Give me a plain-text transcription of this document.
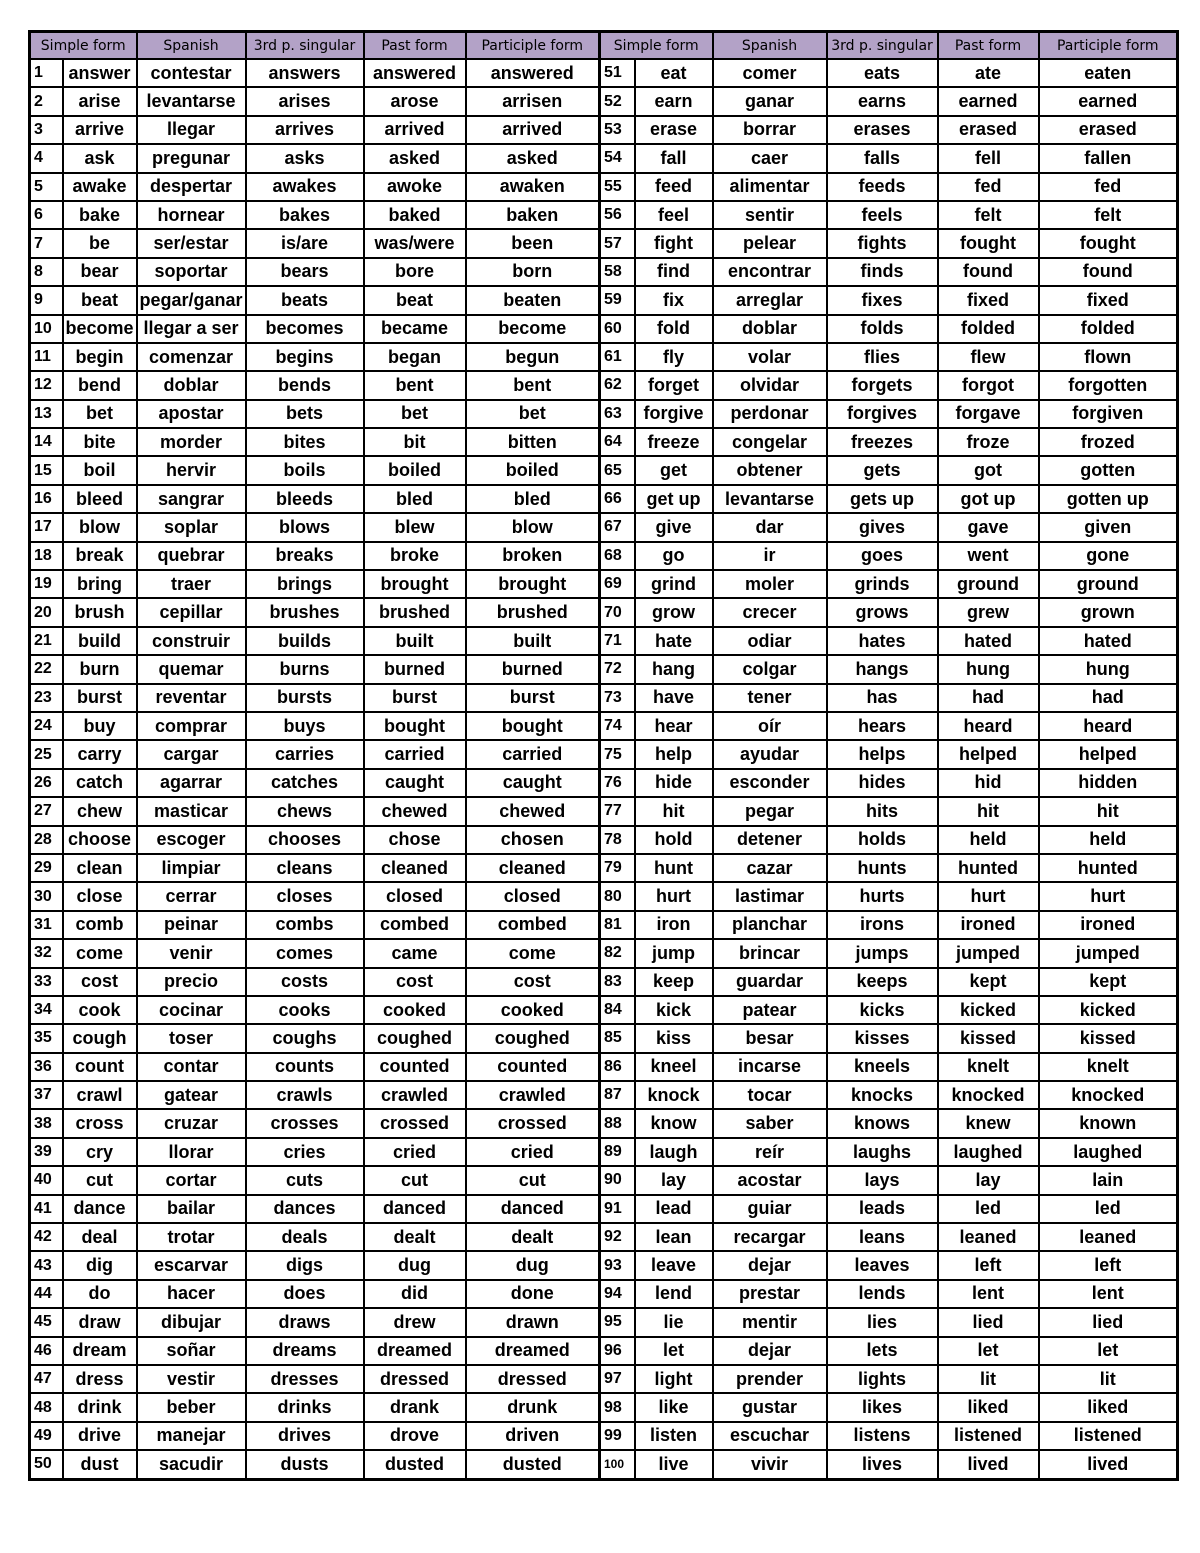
Simple form		Spanish	3rd p. singular	Past form	Participle form	Simple form		Spanish	3rd p. singular	Past form	Participle form
1	answer	contestar	answers	answered	answered	51	eat	comer	eats	ate	eaten
2	arise	levantarse	arises	arose	arrisen	52	earn	ganar	earns	earned	earned
3	arrive	llegar	arrives	arrived	arrived	53	erase	borrar	erases	erased	erased
4	ask	pregunar	asks	asked	asked	54	fall	caer	falls	fell	fallen
5	awake	despertar	awakes	awoke	awaken	55	feed	alimentar	feeds	fed	fed
6	bake	hornear	bakes	baked	baken	56	feel	sentir	feels	felt	felt
7	be	ser/estar	is/are	was/were	been	57	fight	pelear	fights	fought	fought
8	bear	soportar	bears	bore	born	58	find	encontrar	finds	found	found
9	beat	pegar/ganar	beats	beat	beaten	59	fix	arreglar	fixes	fixed	fixed
10	become	llegar a ser	becomes	became	become	60	fold	doblar	folds	folded	folded
11	begin	comenzar	begins	began	begun	61	fly	volar	flies	flew	flown
12	bend	doblar	bends	bent	bent	62	forget	olvidar	forgets	forgot	forgotten
13	bet	apostar	bets	bet	bet	63	forgive	perdonar	forgives	forgave	forgiven
14	bite	morder	bites	bit	bitten	64	freeze	congelar	freezes	froze	frozed
15	boil	hervir	boils	boiled	boiled	65	get	obtener	gets	got	gotten
16	bleed	sangrar	bleeds	bled	bled	66	get up	levantarse	gets up	got up	gotten up
17	blow	soplar	blows	blew	blow	67	give	dar	gives	gave	given
18	break	quebrar	breaks	broke	broken	68	go	ir	goes	went	gone
19	bring	traer	brings	brought	brought	69	grind	moler	grinds	ground	ground
20	brush	cepillar	brushes	brushed	brushed	70	grow	crecer	grows	grew	grown
21	build	construir	builds	built	built	71	hate	odiar	hates	hated	hated
22	burn	quemar	burns	burned	burned	72	hang	colgar	hangs	hung	hung
23	burst	reventar	bursts	burst	burst	73	have	tener	has	had	had
24	buy	comprar	buys	bought	bought	74	hear	oír	hears	heard	heard
25	carry	cargar	carries	carried	carried	75	help	ayudar	helps	helped	helped
26	catch	agarrar	catches	caught	caught	76	hide	esconder	hides	hid	hidden
27	chew	masticar	chews	chewed	chewed	77	hit	pegar	hits	hit	hit
28	choose	escoger	chooses	chose	chosen	78	hold	detener	holds	held	held
29	clean	limpiar	cleans	cleaned	cleaned	79	hunt	cazar	hunts	hunted	hunted
30	close	cerrar	closes	closed	closed	80	hurt	lastimar	hurts	hurt	hurt
31	comb	peinar	combs	combed	combed	81	iron	planchar	irons	ironed	ironed
32	come	venir	comes	came	come	82	jump	brincar	jumps	jumped	jumped
33	cost	precio	costs	cost	cost	83	keep	guardar	keeps	kept	kept
34	cook	cocinar	cooks	cooked	cooked	84	kick	patear	kicks	kicked	kicked
35	cough	toser	coughs	coughed	coughed	85	kiss	besar	kisses	kissed	kissed
36	count	contar	counts	counted	counted	86	kneel	incarse	kneels	knelt	knelt
37	crawl	gatear	crawls	crawled	crawled	87	knock	tocar	knocks	knocked	knocked
38	cross	cruzar	crosses	crossed	crossed	88	know	saber	knows	knew	known
39	cry	llorar	cries	cried	cried	89	laugh	reír	laughs	laughed	laughed
40	cut	cortar	cuts	cut	cut	90	lay	acostar	lays	lay	lain
41	dance	bailar	dances	danced	danced	91	lead	guiar	leads	led	led
42	deal	trotar	deals	dealt	dealt	92	lean	recargar	leans	leaned	leaned
43	dig	escarvar	digs	dug	dug	93	leave	dejar	leaves	left	left
44	do	hacer	does	did	done	94	lend	prestar	lends	lent	lent
45	draw	dibujar	draws	drew	drawn	95	lie	mentir	lies	lied	lied
46	dream	soñar	dreams	dreamed	dreamed	96	let	dejar	lets	let	let
47	dress	vestir	dresses	dressed	dressed	97	light	prender	lights	lit	lit
48	drink	beber	drinks	drank	drunk	98	like	gustar	likes	liked	liked
49	drive	manejar	drives	drove	driven	99	listen	escuchar	listens	listened	listened
50	dust	sacudir	dusts	dusted	dusted	100	live	vivir	lives	lived	lived
